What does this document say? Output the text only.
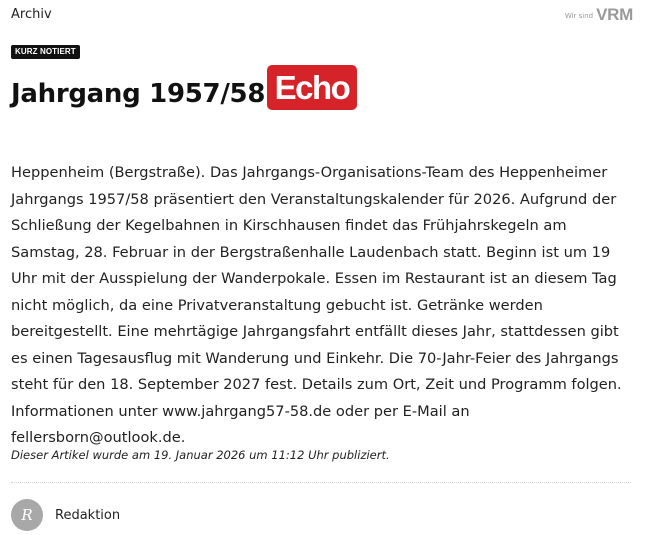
Archiv	Wir sind VRM
KURZ NOTIERT
Jahrgang 1957/58 Echo

Heppenheim (Bergstraße). Das Jahrgangs-Organisations-Team des Heppenheimer Jahrgangs 1957/58 präsentiert den Veranstaltungskalender für 2026. Aufgrund der Schließung der Kegelbahnen in Kirschhausen findet das Frühjahrskegeln am Samstag, 28. Februar in der Bergstraßenhalle Laudenbach statt. Beginn ist um 19 Uhr mit der Ausspielung der Wanderpokale. Essen im Restaurant ist an diesem Tag nicht möglich, da eine Privatveranstaltung gebucht ist. Getränke werden bereitgestellt. Eine mehrtägige Jahrgangsfahrt entfällt dieses Jahr, stattdessen gibt es einen Tagesausflug mit Wanderung und Einkehr. Die 70-Jahr-Feier des Jahrgangs steht für den 18. September 2027 fest. Details zum Ort, Zeit und Programm folgen. Informationen unter www.jahrgang57-58.de oder per E-Mail an fellersborn@outlook.de.

Dieser Artikel wurde am 19. Januar 2026 um 11:12 Uhr publiziert.
R	Redaktion
